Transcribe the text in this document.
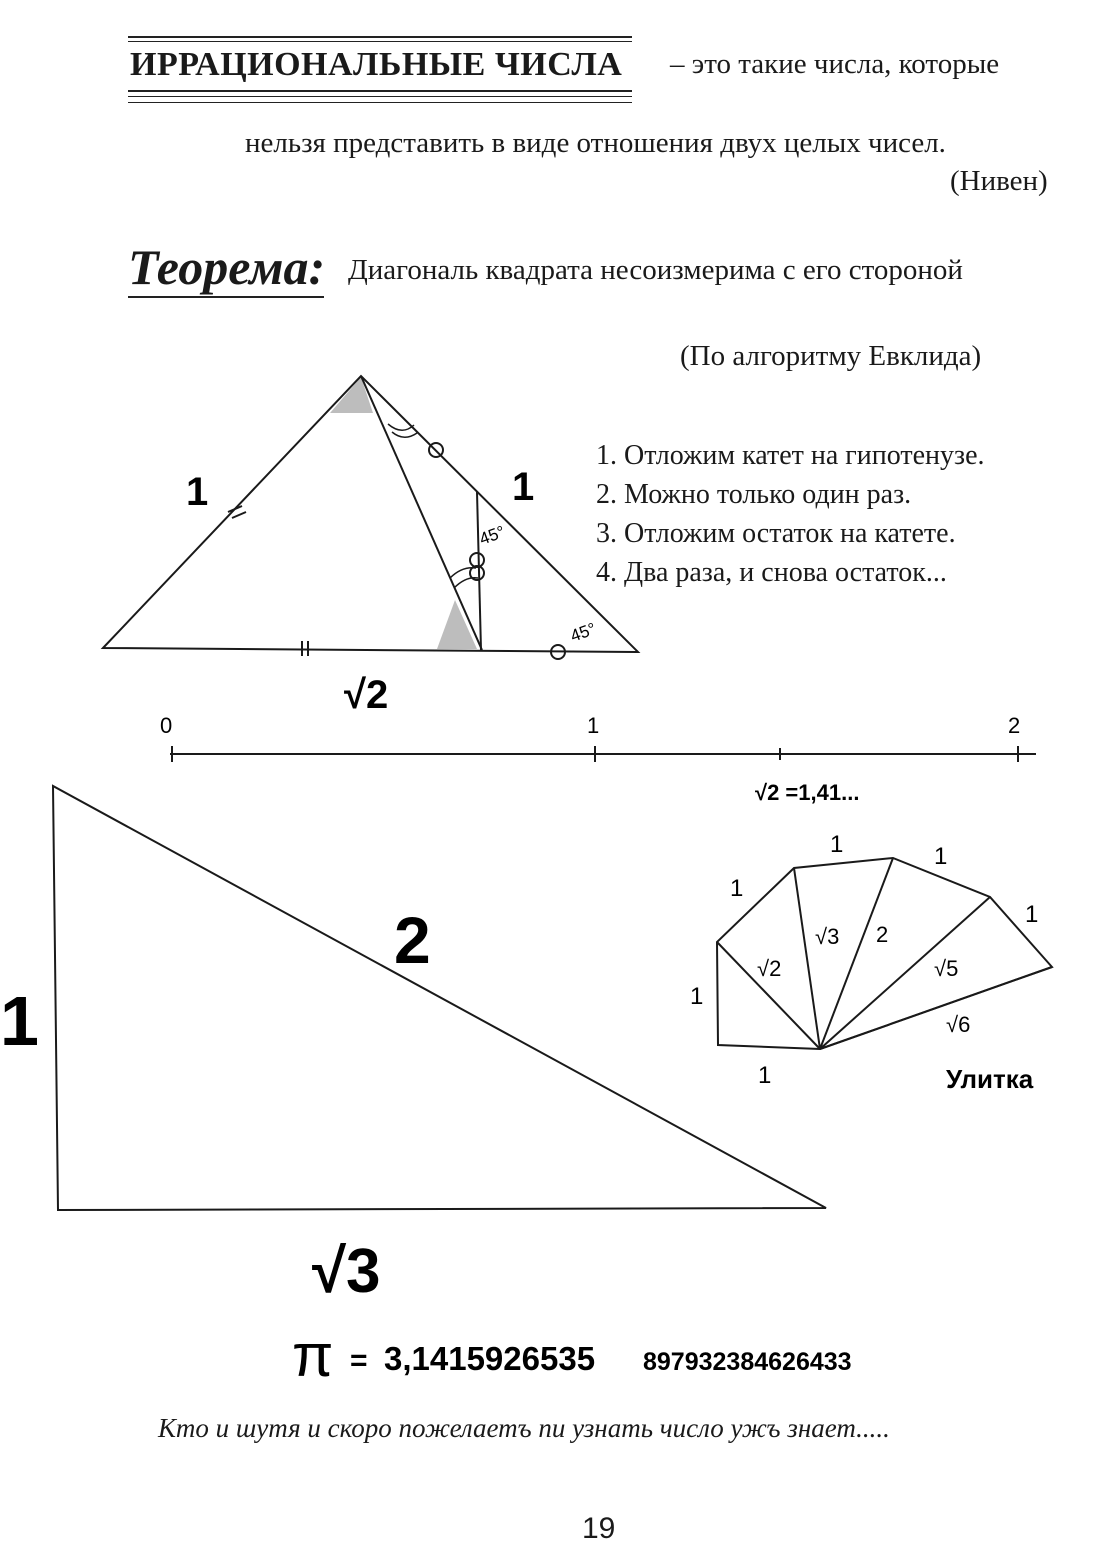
ИРРАЦИОНАЛЬНЫЕ ЧИСЛА – это такие числа, которые
нельзя представить в виде отношения двух целых чисел.
(Нивен)
Теорема: Диагональ квадрата несоизмерима с его стороной
(По алгоритму Евклида)
1. Отложим катет на гипотенузе.
2. Можно только один раз.
3. Отложим остаток на катете.
4. Два раза, и снова остаток...
1	1
√2
45°
45°
0	1	2
√2 =1,41...
1
2
√3
1
1
1
1	1
1
√2
√3 2
√5
√6
Улитка
π = 3,1415926535 897932384626433
Кто и шутя и скоро пожелаетъ пи узнать число ужъ знает.....
19
